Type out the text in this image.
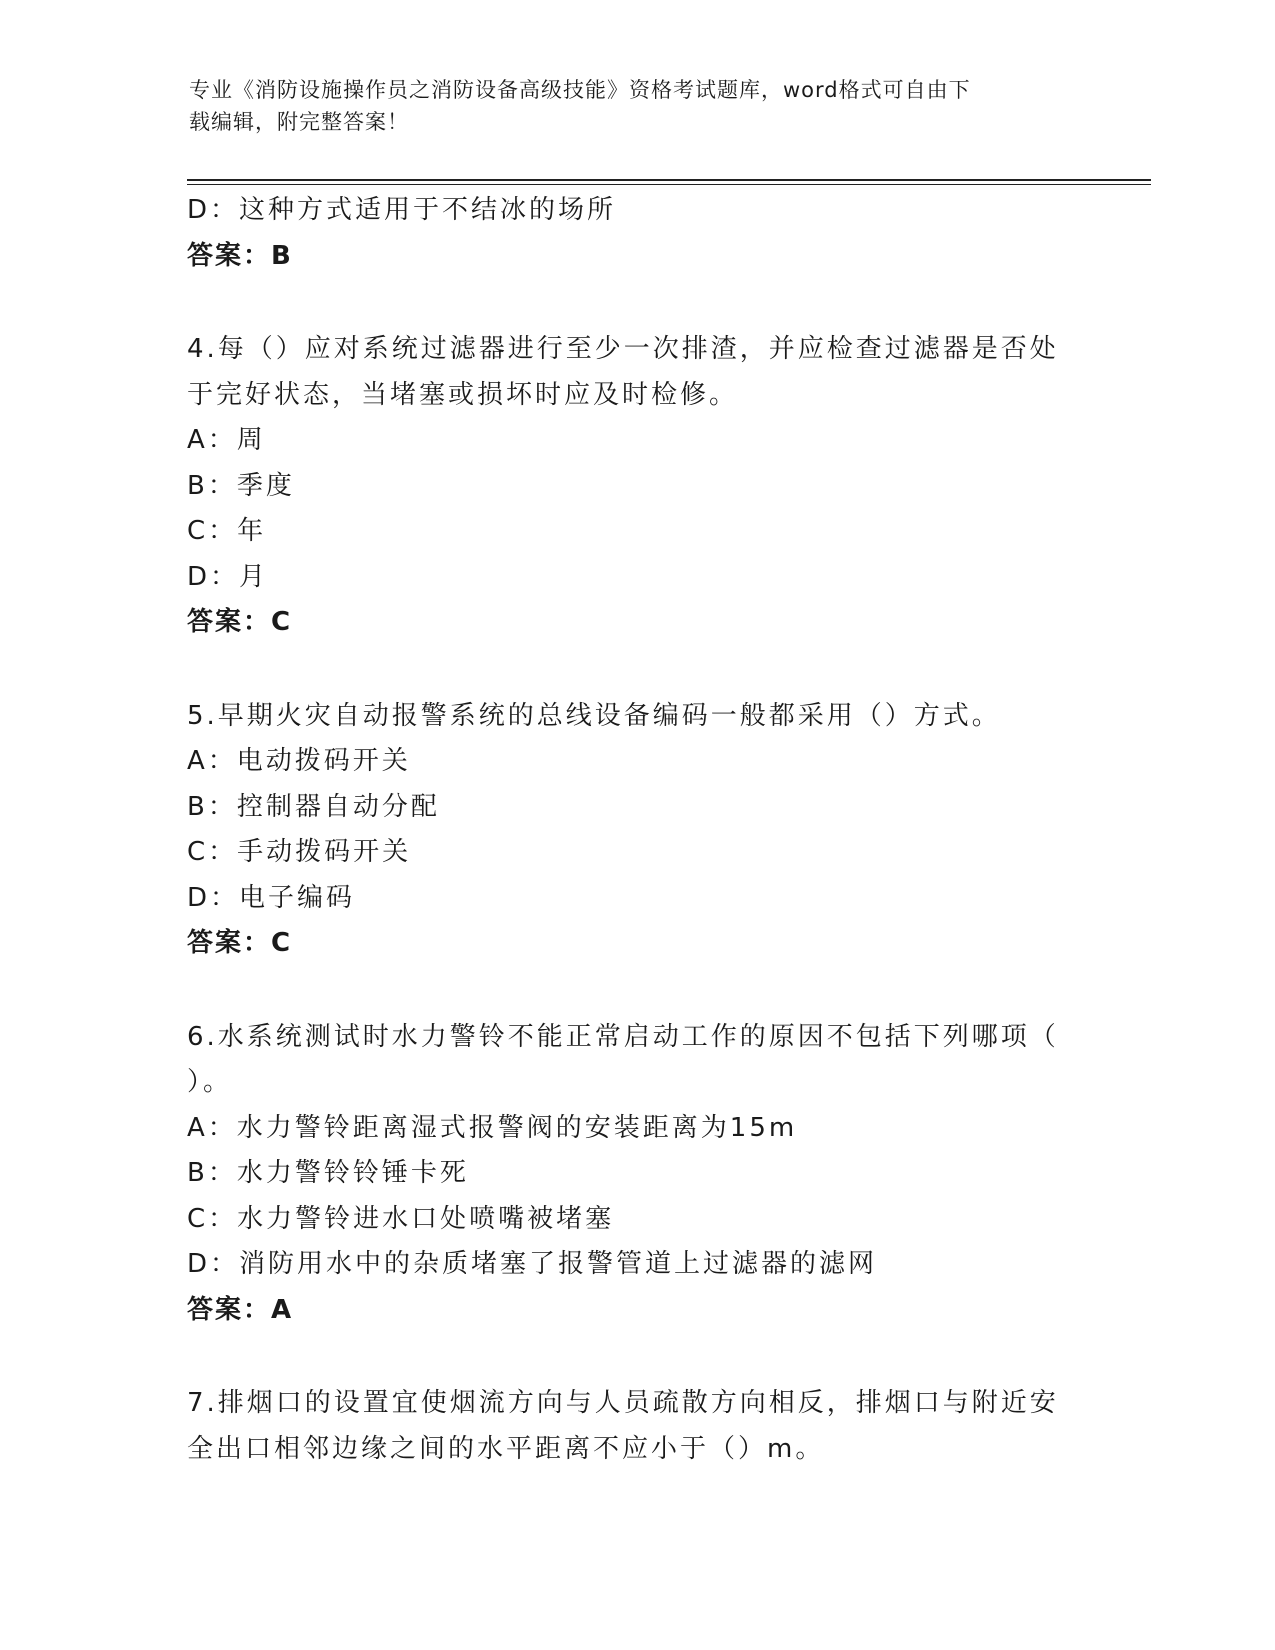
专业《消防设施操作员之消防设备高级技能》资格考试题库，word格式可自由下
载编辑，附完整答案！
D：这种方式适用于不结冰的场所
答案：B
4.每（）应对系统过滤器进行至少一次排渣，并应检查过滤器是否处
于完好状态，当堵塞或损坏时应及时检修。
A：周
B：季度
C：年
D：月
答案：C
5.早期火灾自动报警系统的总线设备编码一般都采用（）方式。
A：电动拨码开关
B：控制器自动分配
C：手动拨码开关
D：电子编码
答案：C
6.水系统测试时水力警铃不能正常启动工作的原因不包括下列哪项（
）。
A：水力警铃距离湿式报警阀的安装距离为15m
B：水力警铃铃锤卡死
C：水力警铃进水口处喷嘴被堵塞
D：消防用水中的杂质堵塞了报警管道上过滤器的滤网
答案：A
7.排烟口的设置宜使烟流方向与人员疏散方向相反，排烟口与附近安
全出口相邻边缘之间的水平距离不应小于（）m。
